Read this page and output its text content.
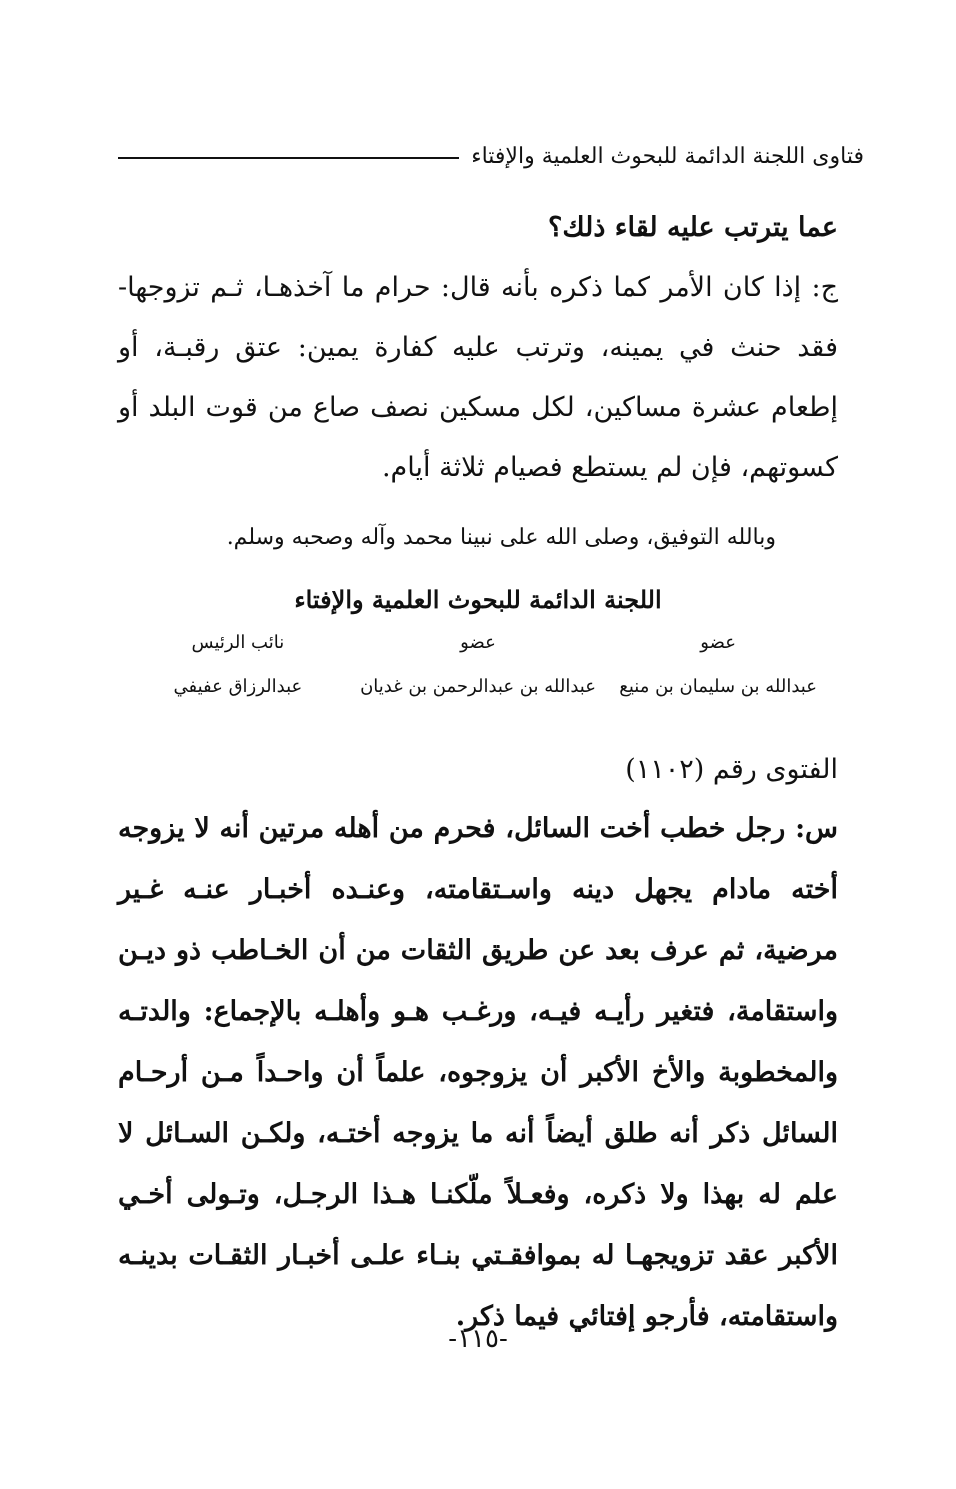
فتاوى اللجنة الدائمة للبحوث العلمية والإفتاء

عما يترتب عليه لقاء ذلك؟

ج: إذا كان الأمر كما ذكره بأنه قال: حرام ما آخذهـا، ثـم تزوجها- فقد حنث في يمينه، وترتب عليه كفارة يمين: عتق رقبـة، أو إطعام عشرة مساكين، لكل مسكين نصف صاع من قوت البلد أو كسوتهم، فإن لم يستطع فصيام ثلاثة أيام.

وبالله التوفيق، وصلى الله على نبينا محمد وآله وصحبه وسلم.
اللجنة الدائمة للبحوث العلمية والإفتاء
عضو
عضو
نائب الرئيس
عبدالله بن سليمان بن منيع
عبدالله بن عبدالرحمن بن غديان
عبدالرزاق عفيفي
الفتوى رقم (١١٠٢)

س: رجل خطب أخت السائل، فحرم من أهله مرتين أنه لا يزوجه أخته مادام يجهل دينه واسـتقامته، وعنـده أخبـار عنـه غـير مرضية، ثم عرف بعد عن طريق الثقات من أن الخـاطب ذو ديـن واستقامة، فتغير رأيـه فيـه، ورغـب هـو وأهلـه بالإجماع: والدتـه والمخطوبة والأخ الأكبر أن يزوجوه، علماً أن واحـداً مـن أرحـام السائل ذكر أنه طلق أيضاً أنه ما يزوجه أختـه، ولكـن السـائل لا علم له بهذا ولا ذكره، وفعـلاً ملّكنـا هـذا الرجـل، وتـولى أخـي الأكبر عقد تزويجهـا له بموافقـتي بنـاء علـى أخبـار الثقـات بدينـه واستقامته، فأرجو إفتائي فيما ذكر.

-١١٥-
